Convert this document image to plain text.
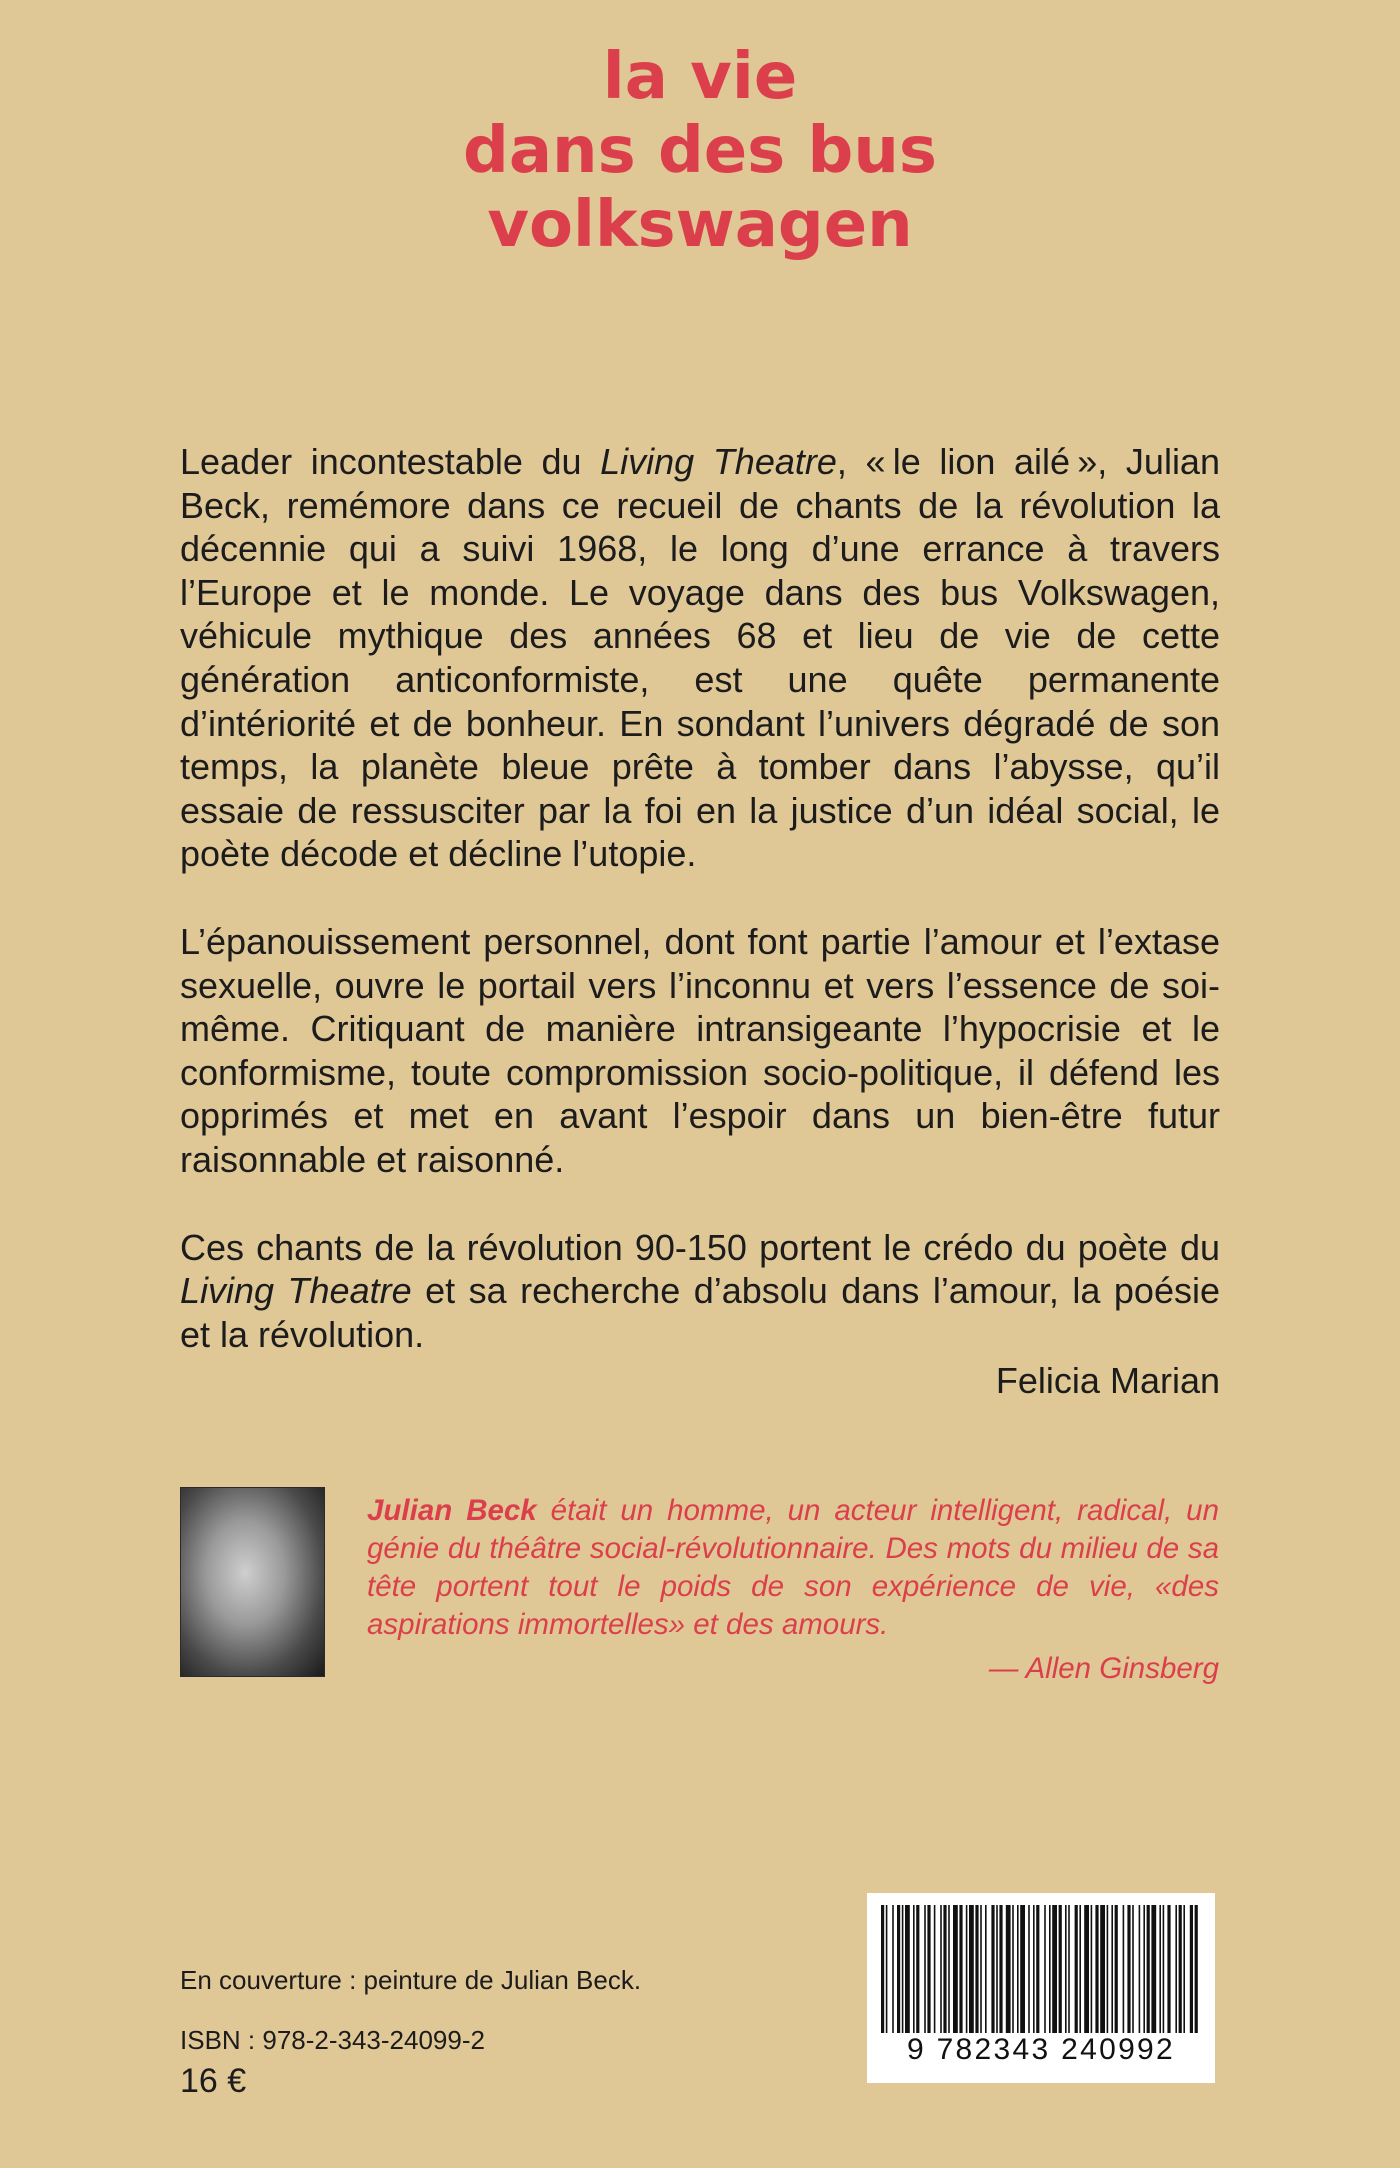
la vie
dans des bus
volkswagen

Leader incontestable du Living Theatre, « le lion ailé », Julian Beck, remémore dans ce recueil de chants de la révolution la décennie qui a suivi 1968, le long d’une errance à travers l’Europe et le monde. Le voyage dans des bus Volkswagen, véhicule mythique des années 68 et lieu de vie de cette génération anticonformiste, est une quête permanente d’intériorité et de bonheur. En sondant l’univers dégradé de son temps, la planète bleue prête à tomber dans l’abysse, qu’il essaie de ressusciter par la foi en la justice d’un idéal social, le poète décode et décline l’utopie.

L’épanouissement personnel, dont font partie l’amour et l’extase sexuelle, ouvre le portail vers l’inconnu et vers l’essence de soi-même. Critiquant de manière intransigeante l’hypocrisie et le conformisme, toute compromission socio-politique, il défend les opprimés et met en avant l’espoir dans un bien-être futur raisonnable et raisonné.

Ces chants de la révolution 90-150 portent le crédo du poète du Living Theatre et sa recherche d’absolu dans l’amour, la poésie et la révolution.

Felicia Marian
Julian Beck était un homme, un acteur intelligent, radical, un génie du théâtre social-révolutionnaire. Des mots du milieu de sa tête portent tout le poids de son expérience de vie, «des aspirations immortelles» et des amours.
— Allen Ginsberg
En couverture : peinture de Julian Beck.
ISBN : 978-2-343-24099-2
16 €
9 782343 240992
